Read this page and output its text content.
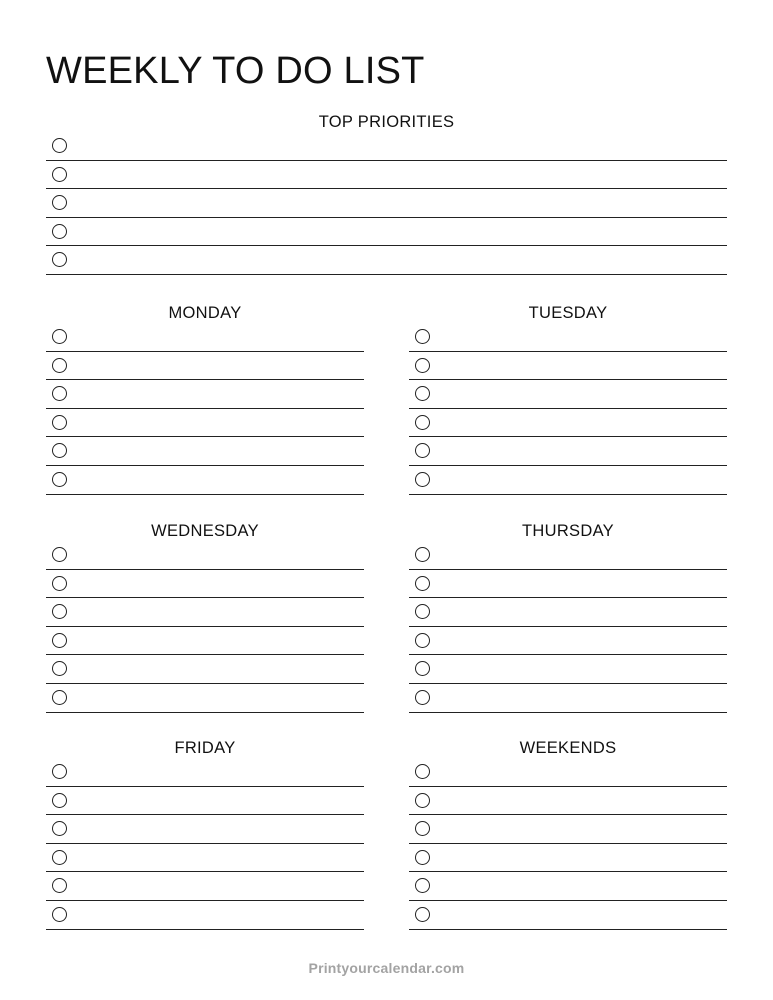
WEEKLY TO DO LIST
TOP PRIORITIES
MONDAY	TUESDAY
WEDNESDAY	THURSDAY
FRIDAY	WEEKENDS
Printyourcalendar.com
